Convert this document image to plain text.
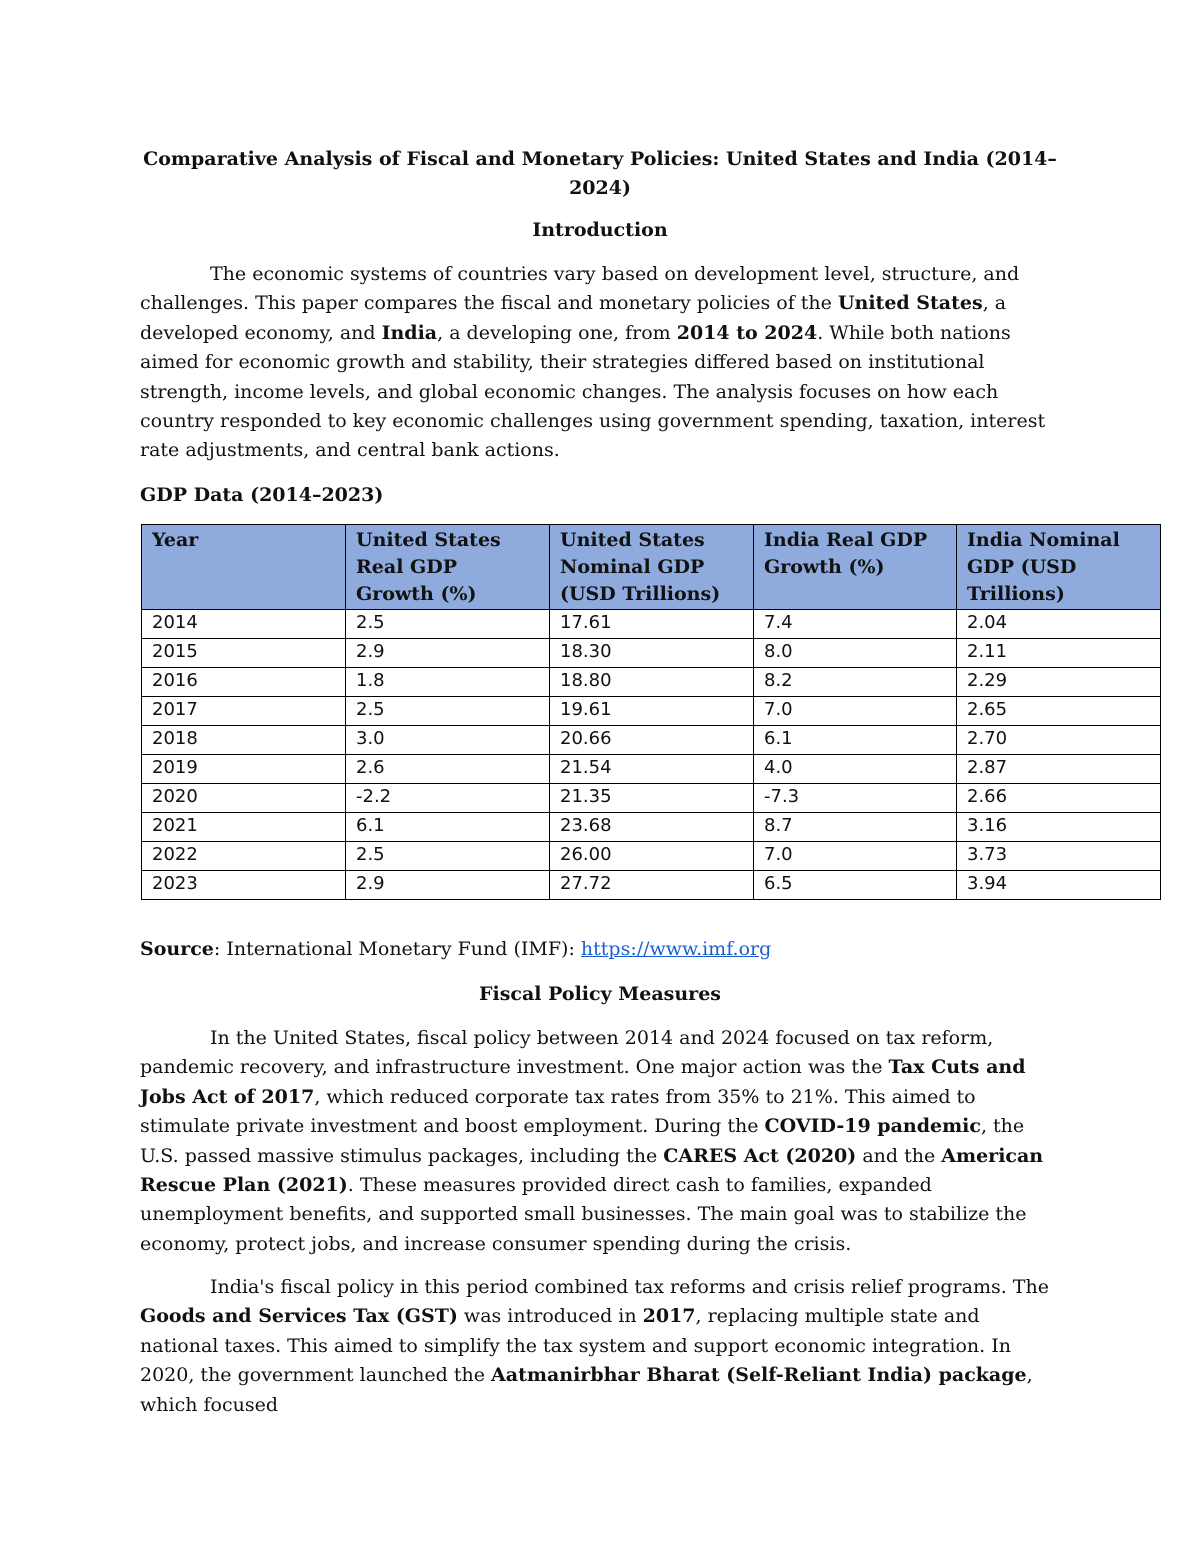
Comparative Analysis of Fiscal and Monetary Policies: United States and India (2014–2024)
Introduction
The economic systems of countries vary based on development level, structure, and challenges. This paper compares the fiscal and monetary policies of the United States, a developed economy, and India, a developing one, from 2014 to 2024. While both nations aimed for economic growth and stability, their strategies differed based on institutional strength, income levels, and global economic changes. The analysis focuses on how each country responded to key economic challenges using government spending, taxation, interest rate adjustments, and central bank actions.
GDP Data (2014–2023)
Year	United States Real GDP Growth (%)	United States Nominal GDP (USD Trillions)	India Real GDP Growth (%)	India Nominal GDP (USD Trillions)
2014	2.5	17.61	7.4	2.04
2015	2.9	18.30	8.0	2.11
2016	1.8	18.80	8.2	2.29
2017	2.5	19.61	7.0	2.65
2018	3.0	20.66	6.1	2.70
2019	2.6	21.54	4.0	2.87
2020	-2.2	21.35	-7.3	2.66
2021	6.1	23.68	8.7	3.16
2022	2.5	26.00	7.0	3.73
2023	2.9	27.72	6.5	3.94
Source: International Monetary Fund (IMF): https://www.imf.org
Fiscal Policy Measures
In the United States, fiscal policy between 2014 and 2024 focused on tax reform, pandemic recovery, and infrastructure investment. One major action was the Tax Cuts and Jobs Act of 2017, which reduced corporate tax rates from 35% to 21%. This aimed to stimulate private investment and boost employment. During the COVID-19 pandemic, the U.S. passed massive stimulus packages, including the CARES Act (2020) and the American Rescue Plan (2021). These measures provided direct cash to families, expanded unemployment benefits, and supported small businesses. The main goal was to stabilize the economy, protect jobs, and increase consumer spending during the crisis.
India's fiscal policy in this period combined tax reforms and crisis relief programs. The Goods and Services Tax (GST) was introduced in 2017, replacing multiple state and national taxes. This aimed to simplify the tax system and support economic integration. In 2020, the government launched the Aatmanirbhar Bharat (Self-Reliant India) package, which focused
